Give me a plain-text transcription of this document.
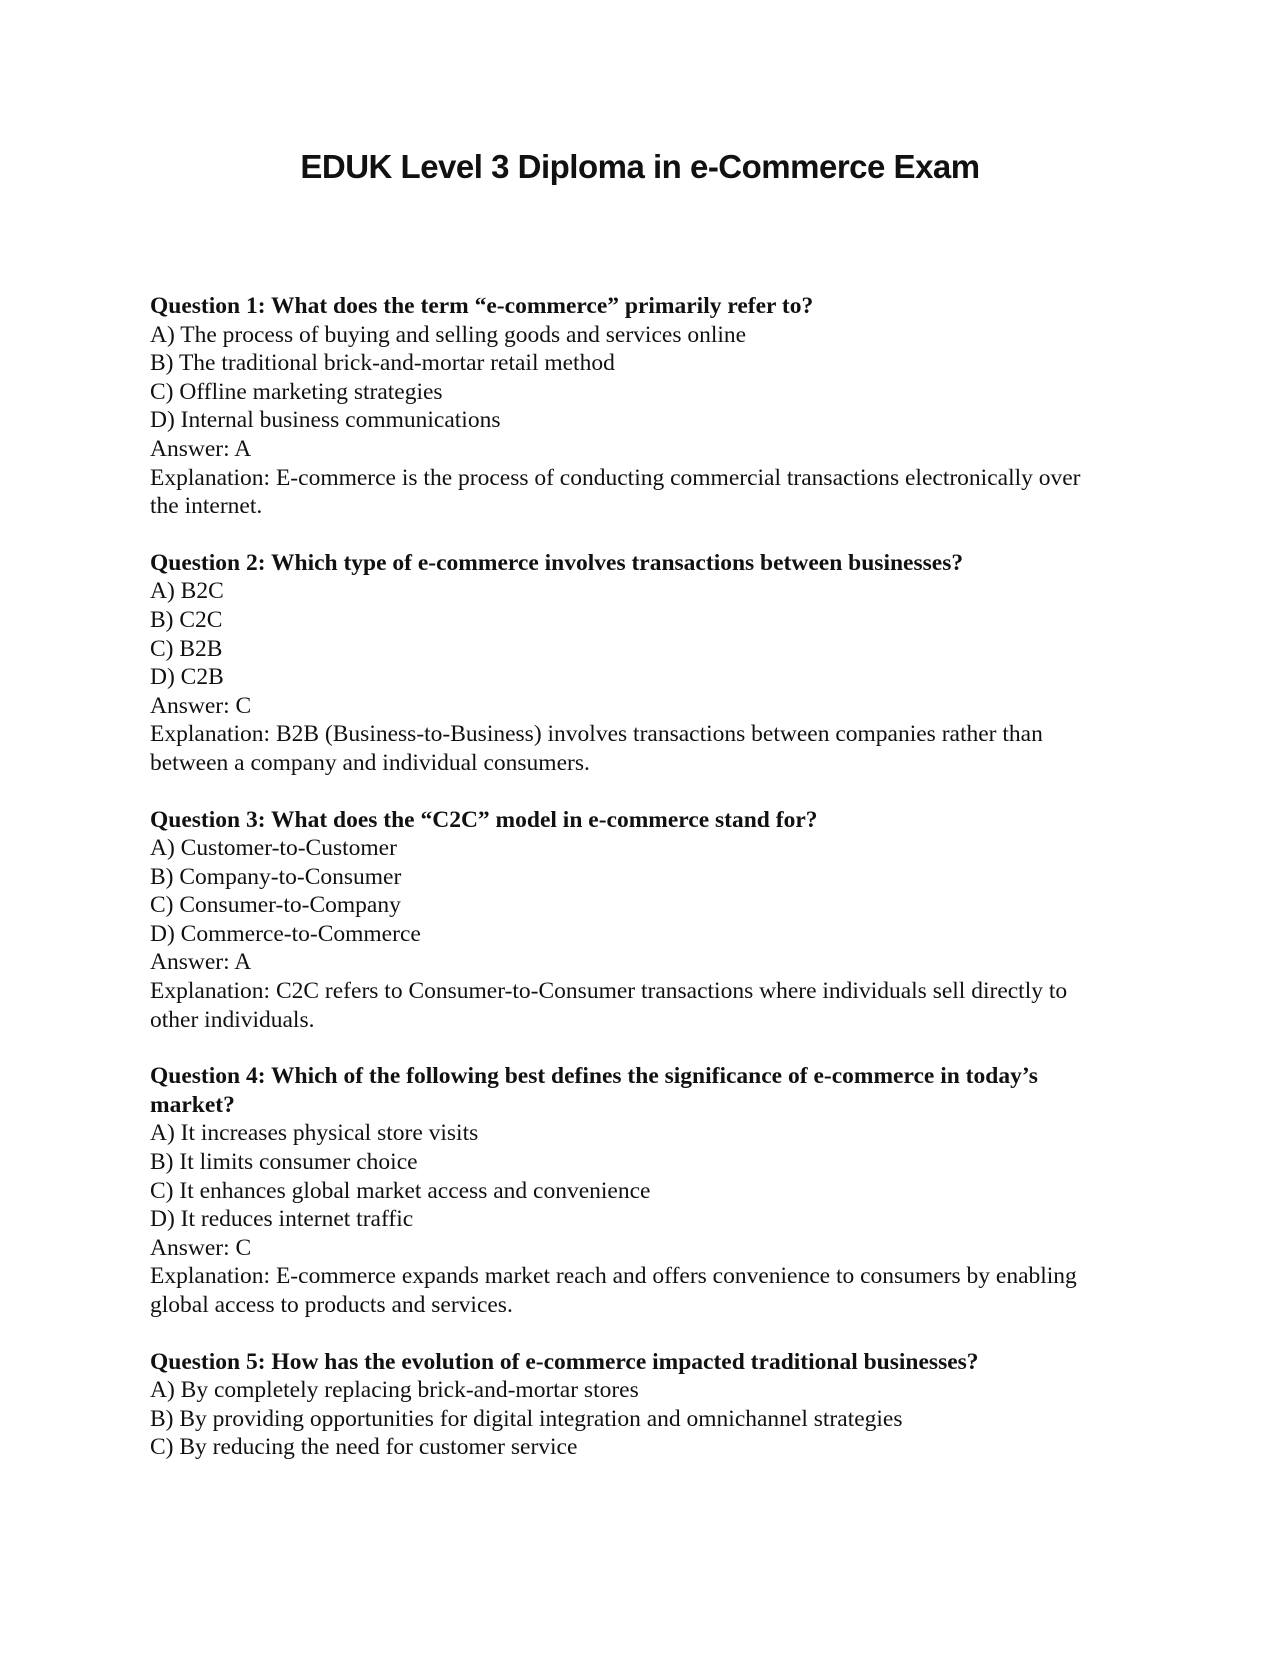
EDUK Level 3 Diploma in e-Commerce Exam

Question 1: What does the term “e-commerce” primarily refer to?

A) The process of buying and selling goods and services online

B) The traditional brick-and-mortar retail method

C) Offline marketing strategies

D) Internal business communications

Answer: A

Explanation: E-commerce is the process of conducting commercial transactions electronically over the internet.

Question 2: Which type of e-commerce involves transactions between businesses?

A) B2C

B) C2C

C) B2B

D) C2B

Answer: C

Explanation: B2B (Business-to-Business) involves transactions between companies rather than between a company and individual consumers.

Question 3: What does the “C2C” model in e-commerce stand for?

A) Customer-to-Customer

B) Company-to-Consumer

C) Consumer-to-Company

D) Commerce-to-Commerce

Answer: A

Explanation: C2C refers to Consumer-to-Consumer transactions where individuals sell directly to other individuals.

Question 4: Which of the following best defines the significance of e-commerce in today’s market?

A) It increases physical store visits

B) It limits consumer choice

C) It enhances global market access and convenience

D) It reduces internet traffic

Answer: C

Explanation: E-commerce expands market reach and offers convenience to consumers by enabling global access to products and services.

Question 5: How has the evolution of e-commerce impacted traditional businesses?

A) By completely replacing brick-and-mortar stores

B) By providing opportunities for digital integration and omnichannel strategies

C) By reducing the need for customer service
